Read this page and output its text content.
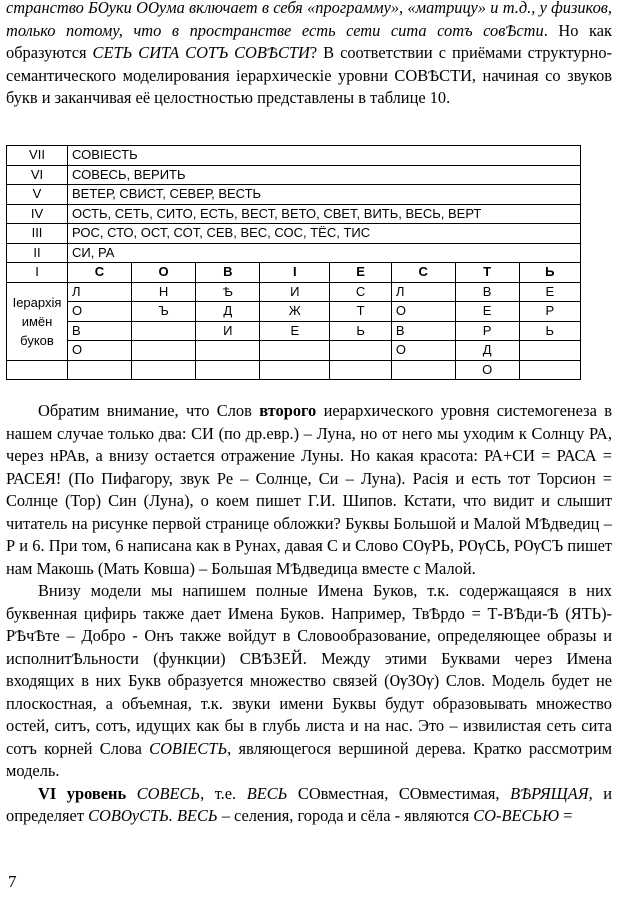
странство БѸки ОѸма включает в себя «программу», «матрицу» и т.д., у физиков, только потому, что в пространстве есть сети сита сотъ совѢсти. Но как образуются СЕТЬ СИТА СОТЪ СОВѢСТИ? В соответствии с приёмами структурно-семантического моделирования iерархическiе уровни СОВѢСТИ, начиная со звуков букв и заканчивая её целостностью представлены в таблице 10.

VII	СОВIЕСТЬ							
VI	СОВЕСЬ, ВЕРИТЬ							
V	ВЕТЕР, СВИСТ, СЕВЕР, ВЕСТЬ							
IV	ОСТЬ, СЕТЬ, СИТО, ЕСТЬ, ВЕСТ, ВЕТО, СВЕТ, ВИТЬ, ВЕСЬ, ВЕРТ							
III	РОС, СТО, ОСТ, СОТ, СЕВ, ВЕС, СОС, ТЁС, ТИС							
II	СИ, РА							
I	С	О	В	I	Е	С	Т	Ь

Iерархiя
имён
буков	Л	Н	Ѣ	И	С	Л	В	Е
	О	Ъ	Д	Ж	Т	О	Е	Р
	В		И	Е	Ь	В	Р	Ь
	О					О	Д	
							О	

Обратим внимание, что Слов второго иерархического уровня системогенеза в нашем случае только два: СИ (по др.евр.) – Луна, но от него мы уходим к Солнцу РА, через нРАв, а внизу остается отражение Луны. Но какая красота: РА+СИ = РАСА = РАСЕЯ! (По Пифагору, звук Ре – Солнце, Си – Луна). Расія и есть тот Торсион = Солнце (Тор) Син (Луна), о коем пишет Г.И. Шипов. Кстати, что видит и слышит читатель на рисунке первой странице обложки? Буквы Большой и Малой МѢдведиц – Р и 6. При том, 6 написана как в Рунах, давая С и Слово СѸРЬ, РѸСЬ, РѸСЪ пишет нам Макошь (Мать Ковша) – Большая МѢдведица вместе с Малой.

Внизу модели мы напишем полные Имена Буков, т.к. содержащаяся в них буквенная цифирь также дает Имена Буков. Например, ТвѢрдо = Т-ВѢди-Ѣ (ЯТЬ)-РѢчѢте – Добро - Онъ также войдут в Словообразование, определяющее образы и исполнитѢльности (функции) СВѢЗЕЙ. Между этими Буквами через Имена входящих в них Букв образуется множество связей (ѸЗѸ) Слов. Модель будет не плоскостная, а объемная, т.к. звуки имени Буквы будут образовывать множество остей, ситъ, сотъ, идущих как бы в глубь листа и на нас. Это – извилистая сеть сита сотъ корней Слова СОВIЕСТЬ, являющегося вершиной дерева. Кратко рассмотрим модель.

VI уровень СОВЕСЬ, т.е. ВЕСЬ СОвместная, СОвместимая, ВѢРЯЩАЯ, и определяет СОВѸСТЬ. ВЕСЬ – селения, города и сёла - являются СО-ВЕСЬЮ =

7
